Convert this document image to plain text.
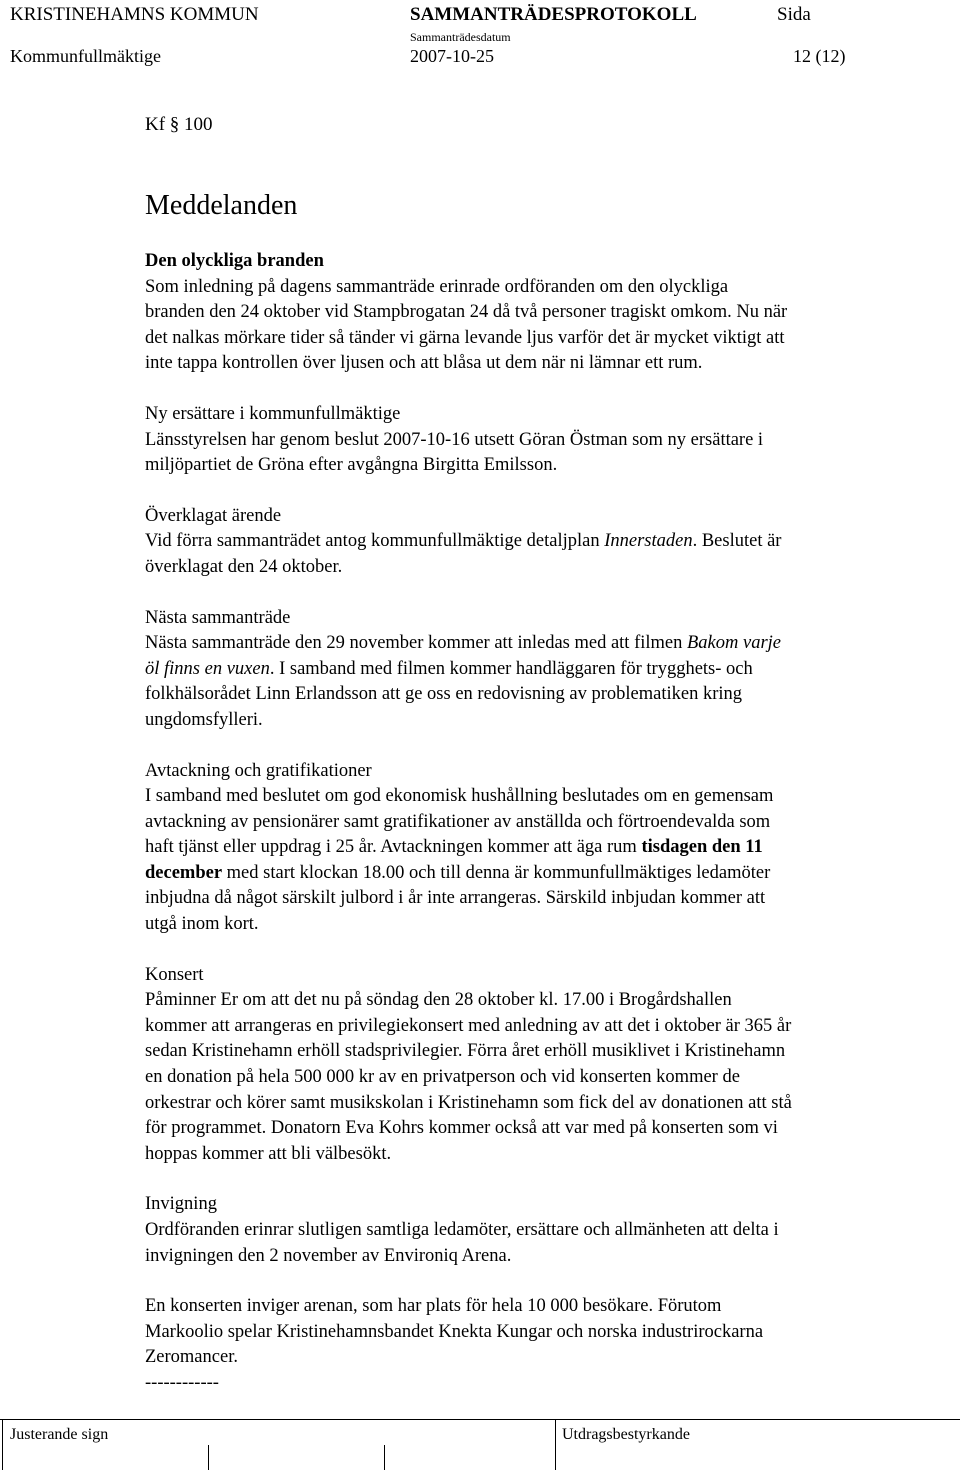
KRISTINEHAMNS KOMMUN	SAMMANTRÄDESPROTOKOLL	Sida
Sammanträdesdatum
Kommunfullmäktige	2007-10-25	12 (12)
Kf § 100
Meddelanden

Den olyckliga branden

Som inledning på dagens sammanträde erinrade ordföranden om den olyckliga

branden den 24 oktober vid Stampbrogatan 24 då två personer tragiskt omkom. Nu när

det nalkas mörkare tider så tänder vi gärna levande ljus varför det är mycket viktigt att

inte tappa kontrollen över ljusen och att blåsa ut dem när ni lämnar ett rum.

Ny ersättare i kommunfullmäktige

Länsstyrelsen har genom beslut 2007-10-16 utsett Göran Östman som ny ersättare i

miljöpartiet de Gröna efter avgångna Birgitta Emilsson.

Överklagat ärende

Vid förra sammanträdet antog kommunfullmäktige detaljplan Innerstaden. Beslutet är

överklagat den 24 oktober.

Nästa sammanträde

Nästa sammanträde den 29 november kommer att inledas med att filmen Bakom varje

öl finns en vuxen. I samband med filmen kommer handläggaren för trygghets- och

folkhälsorådet Linn Erlandsson att ge oss en redovisning av problematiken kring

ungdomsfylleri.

Avtackning och gratifikationer

I samband med beslutet om god ekonomisk hushållning beslutades om en gemensam

avtackning av pensionärer samt gratifikationer av anställda och förtroendevalda som

haft tjänst eller uppdrag i 25 år. Avtackningen kommer att äga rum tisdagen den 11

december med start klockan 18.00 och till denna är kommunfullmäktiges ledamöter

inbjudna då något särskilt julbord i år inte arrangeras. Särskild inbjudan kommer att

utgå inom kort.

Konsert

Påminner Er om att det nu på söndag den 28 oktober kl. 17.00 i Brogårdshallen

kommer att arrangeras en privilegiekonsert med anledning av att det i oktober är 365 år

sedan Kristinehamn erhöll stadsprivilegier. Förra året erhöll musiklivet i Kristinehamn

en donation på hela 500 000 kr av en privatperson och vid konserten kommer de

orkestrar och körer samt musikskolan i Kristinehamn som fick del av donationen att stå

för programmet. Donatorn Eva Kohrs kommer också att var med på konserten som vi

hoppas kommer att bli välbesökt.

Invigning

Ordföranden erinrar slutligen samtliga ledamöter, ersättare och allmänheten att delta i

invigningen den 2 november av Environiq Arena.

En konserten inviger arenan, som har plats för hela 10 000 besökare. Förutom

Markoolio spelar Kristinehamnsbandet Knekta Kungar och norska industrirockarna

Zeromancer.

------------

Justerande sign	Utdragsbestyrkande
